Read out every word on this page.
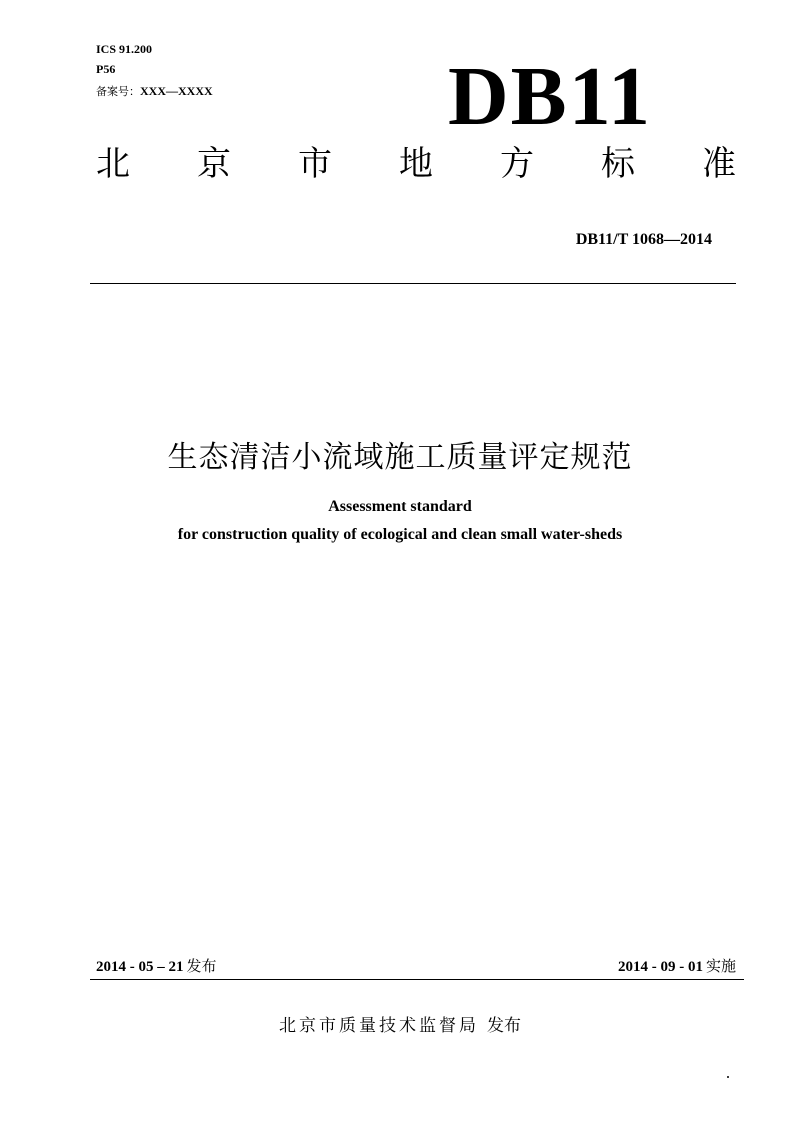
ICS 91.200
P56
备案号：XXX—XXXX	DB11
北 京 市 地 方 标 准
DB11/T 1068—2014
生态清洁小流域施工质量评定规范
Assessment standard
for construction quality of ecological and clean small water-sheds
2014 - 05 – 21 发布	2014 - 09 - 01 实施
北京市质量技术监督局 发布
